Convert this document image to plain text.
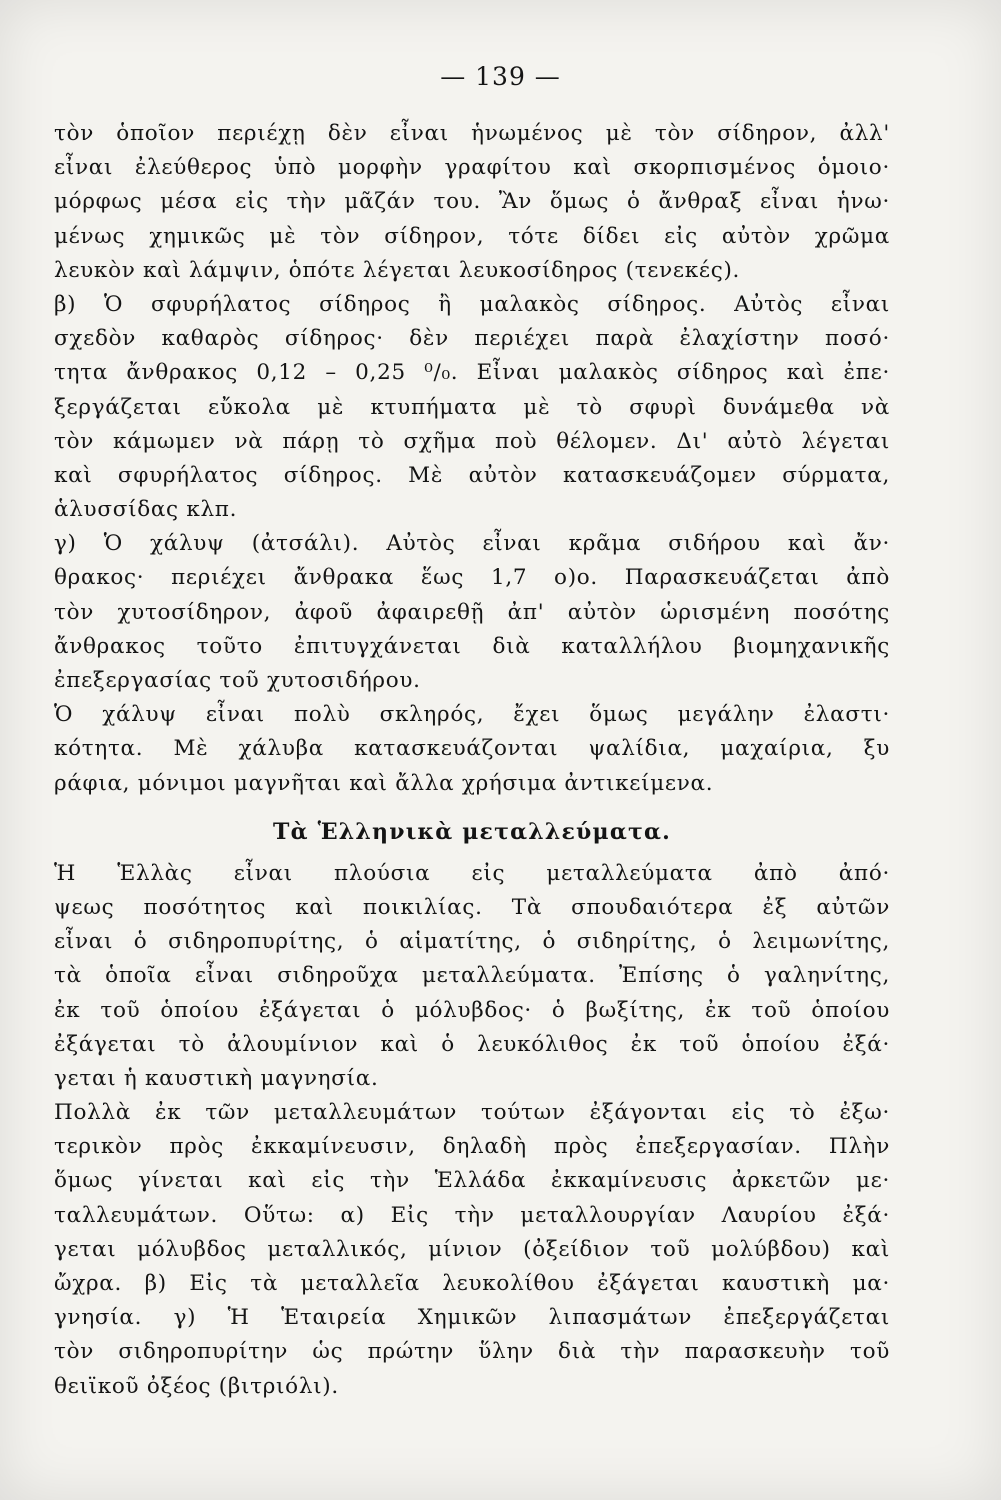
— 139 —
τὸν ὁποῖον περιέχῃ δὲν εἶναι ἡνωμένος μὲ τὸν σίδηρον, ἀλλ'
εἶναι ἐλεύθερος ὑπὸ μορφὴν γραφίτου καὶ σκορπισμένος ὁμοιο·
μόρφως μέσα εἰς τὴν μᾶζάν του. Ἂν ὅμως ὁ ἄνθραξ εἶναι ἡνω·
μένως χημικῶς μὲ τὸν σίδηρον, τότε δίδει εἰς αὐτὸν χρῶμα
λευκὸν καὶ λάμψιν, ὁπότε λέγεται λευκοσίδηρος (τενεκές).
β) Ὁ σφυρήλατος σίδηρος ἢ μαλακὸς σίδηρος. Αὐτὸς εἶναι
σχεδὸν καθαρὸς σίδηρος· δὲν περιέχει παρὰ ἐλαχίστην ποσό·
τητα ἄνθρακος 0,12 – 0,25 ⁰/₀. Εἶναι μαλακὸς σίδηρος καὶ ἐπε·
ξεργάζεται εὔκολα μὲ κτυπήματα μὲ τὸ σφυρὶ δυνάμεθα νὰ
τὸν κάμωμεν νὰ πάρῃ τὸ σχῆμα ποὺ θέλομεν. Δι' αὐτὸ λέγεται
καὶ σφυρήλατος σίδηρος. Μὲ αὐτὸν κατασκευάζομεν σύρματα,
ἁλυσσίδας κλπ.
γ) Ὁ χάλυψ (ἀτσάλι). Αὐτὸς εἶναι κρᾶμα σιδήρου καὶ ἄν·
θρακος· περιέχει ἄνθρακα ἕως 1,7 ο)ο. Παρασκευάζεται ἀπὸ
τὸν χυτοσίδηρον, ἀφοῦ ἀφαιρεθῇ ἀπ' αὐτὸν ὡρισμένη ποσότης
ἄνθρακος τοῦτο ἐπιτυγχάνεται διὰ καταλλήλου βιομηχανικῆς
ἐπεξεργασίας τοῦ χυτοσιδήρου.
Ὁ χάλυψ εἶναι πολὺ σκληρός, ἔχει ὅμως μεγάλην ἐλαστι·
κότητα. Μὲ χάλυβα κατασκευάζονται ψαλίδια, μαχαίρια, ξυ
ράφια, μόνιμοι μαγνῆται καὶ ἄλλα χρήσιμα ἀντικείμενα.
Τὰ Ἑλληνικὰ μεταλλεύματα.
Ἡ Ἑλλὰς εἶναι πλούσια εἰς μεταλλεύματα ἀπὸ ἀπό·
ψεως ποσότητος καὶ ποικιλίας. Τὰ σπουδαιότερα ἐξ αὐτῶν
εἶναι ὁ σιδηροπυρίτης, ὁ αἱματίτης, ὁ σιδηρίτης, ὁ λειμωνίτης,
τὰ ὁποῖα εἶναι σιδηροῦχα μεταλλεύματα. Ἐπίσης ὁ γαληνίτης,
ἐκ τοῦ ὁποίου ἐξάγεται ὁ μόλυβδος· ὁ βωξίτης, ἐκ τοῦ ὁποίου
ἐξάγεται τὸ ἀλουμίνιον καὶ ὁ λευκόλιθος ἐκ τοῦ ὁποίου ἐξά·
γεται ἡ καυστικὴ μαγνησία.
Πολλὰ ἐκ τῶν μεταλλευμάτων τούτων ἐξάγονται εἰς τὸ ἐξω·
τερικὸν πρὸς ἐκκαμίνευσιν, δηλαδὴ πρὸς ἐπεξεργασίαν. Πλὴν
ὅμως γίνεται καὶ εἰς τὴν Ἑλλάδα ἐκκαμίνευσις ἀρκετῶν με·
ταλλευμάτων. Οὕτω: α) Εἰς τὴν μεταλλουργίαν Λαυρίου ἐξά·
γεται μόλυβδος μεταλλικός, μίνιον (ὀξείδιον τοῦ μολύβδου) καὶ
ὤχρα. β) Εἰς τὰ μεταλλεῖα λευκολίθου ἐξάγεται καυστικὴ μα·
γνησία. γ) Ἡ Ἑταιρεία Χημικῶν λιπασμάτων ἐπεξεργάζεται
τὸν σιδηροπυρίτην ὡς πρώτην ὕλην διὰ τὴν παρασκευὴν τοῦ
θειϊκοῦ ὀξέος (βιτριόλι).
